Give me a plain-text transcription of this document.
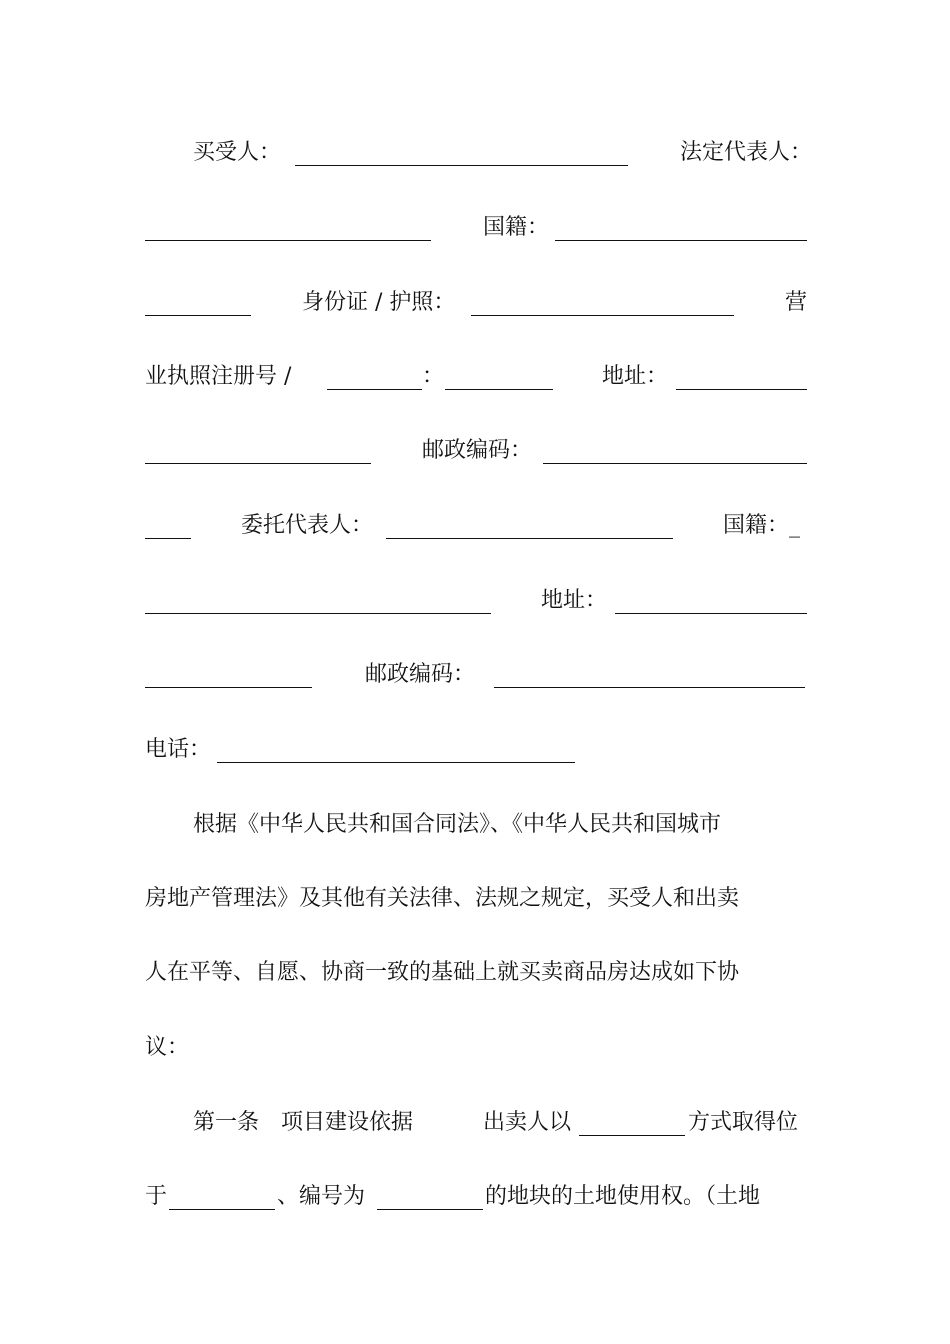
买受人：	法定代表人：
国籍：
身份证 / 护照：	营
业执照注册号 /	：	地址：
邮政编码：
委托代表人：	国籍：_
地址：
邮政编码：
电话：
根据《中华人民共和国合同法》、《中华人民共和国城市
房地产管理法》及其他有关法律、法规之规定，买受人和出卖
人在平等、自愿、协商一致的基础上就买卖商品房达成如下协
议：
第一条　项目建设依据	出卖人以	方式取得位
于	、编号为	的地块的土地使用权。（土地
